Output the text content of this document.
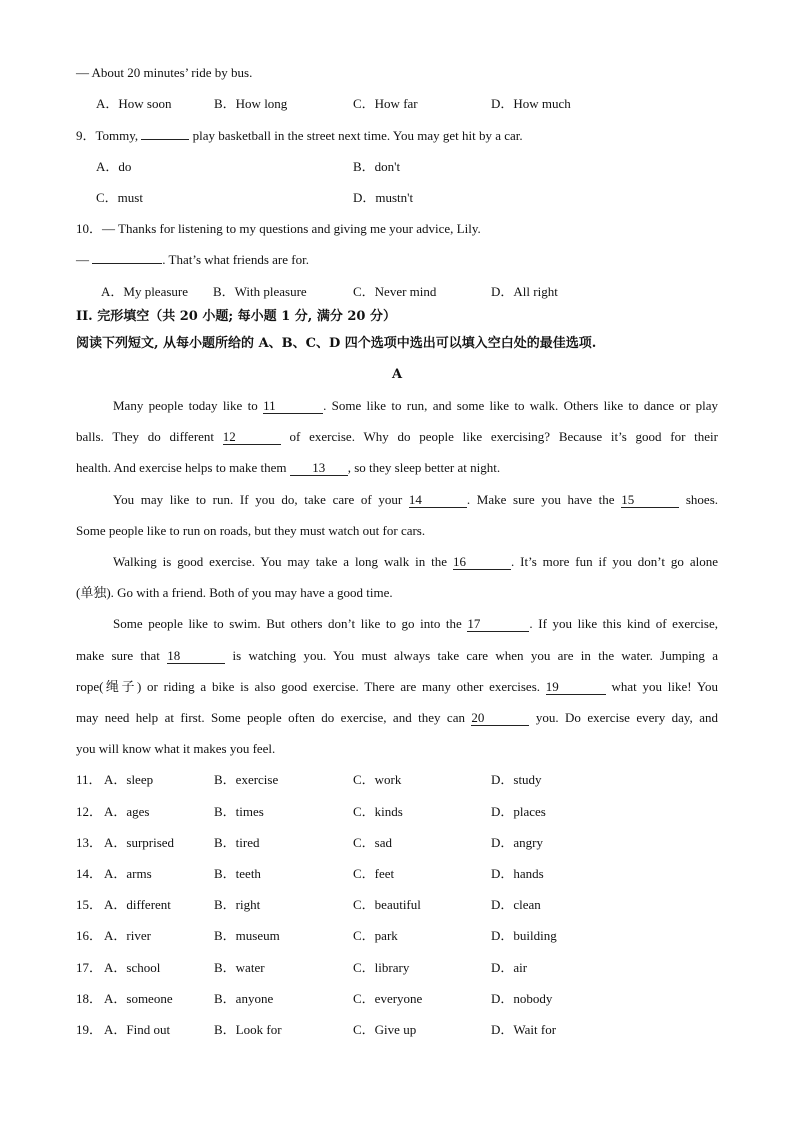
— About 20 minutes’ ride by bus.
A．How soon	B．How long	C．How far	D．How much
9．Tommy,	play basketball in the street next time. You may get hit by a car.
A．do	B．don't
C．must	D．mustn't
10．— Thanks for listening to my questions and giving me your advice, Lily.
—	. That’s what friends are for.
A．My pleasure B．With pleasure	C．Never mind	D．All right
II. 完形填空（共 20 小题; 每小题 1 分, 满分 20 分）
阅读下列短文, 从每小题所给的 A、B、C、D 四个选项中选出可以填入空白处的最佳选项.
A
Many people today like to 11	. Some like to run, and some like to walk. Others like to dance or play
balls. They do different 12	of exercise. Why do people like exercising? Because it’s good for their
health. And exercise helps to make them 13 , so they sleep better at night.
You may like to run. If you do, take care of your 14	. Make sure you have the 15	shoes.
Some people like to run on roads, but they must watch out for cars.
Walking is good exercise. You may take a long walk in the 16	. It’s more fun if you don’t go alone
(单独). Go with a friend. Both of you may have a good time.
Some people like to swim. But others don’t like to go into the 17	. If you like this kind of exercise,
make sure that 18	is watching you. You must always take care when you are in the water. Jumping a
rope(绳子) or riding a bike is also good exercise. There are many other exercises. 19	what you like! You
may need help at first. Some people often do exercise, and they can 20	you. Do exercise every day, and
you will know what it makes you feel.
11． A．sleep	B．exercise	C．work	D．study
12． A．ages	B．times	C．kinds	D．places
13． A．surprised	B．tired	C．sad	D．angry
14． A．arms	B．teeth	C．feet	D．hands
15． A．different	B．right	C．beautiful	D．clean
16． A．river	B．museum	C．park	D．building
17． A．school	B．water	C．library	D．air
18． A．someone	B．anyone	C．everyone	D．nobody
19． A．Find out	B．Look for	C．Give up	D．Wait for
